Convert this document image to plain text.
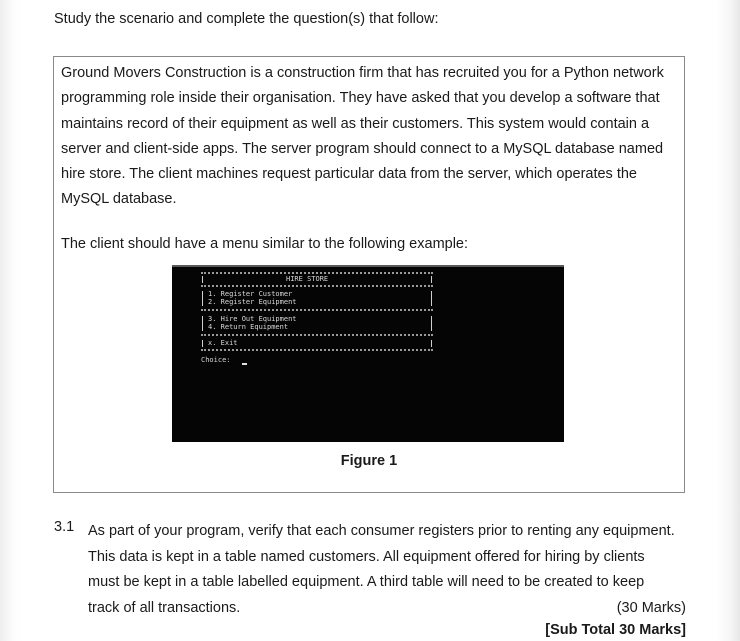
Study the scenario and complete the question(s) that follow:

Ground Movers Construction is a construction firm that has recruited you for a Python network
programming role inside their organisation. They have asked that you develop a software that
maintains record of their equipment as well as their customers. This system would contain a
server and client-side apps. The server program should connect to a MySQL database named
hire store. The client machines request particular data from the server, which operates the
MySQL database.

The client should have a menu similar to the following example:

HIRE STORE
1. Register Customer
2. Register Equipment
3. Hire Out Equipment
4. Return Equipment
x. Exit
Choice:
Figure 1
3.1 As part of your program, verify that each consumer registers prior to renting any equipment.
This data is kept in a table named customers. All equipment offered for hiring by clients
must be kept in a table labelled equipment. A third table will need to be created to keep
track of all transactions.	(30 Marks)

[Sub Total 30 Marks]
